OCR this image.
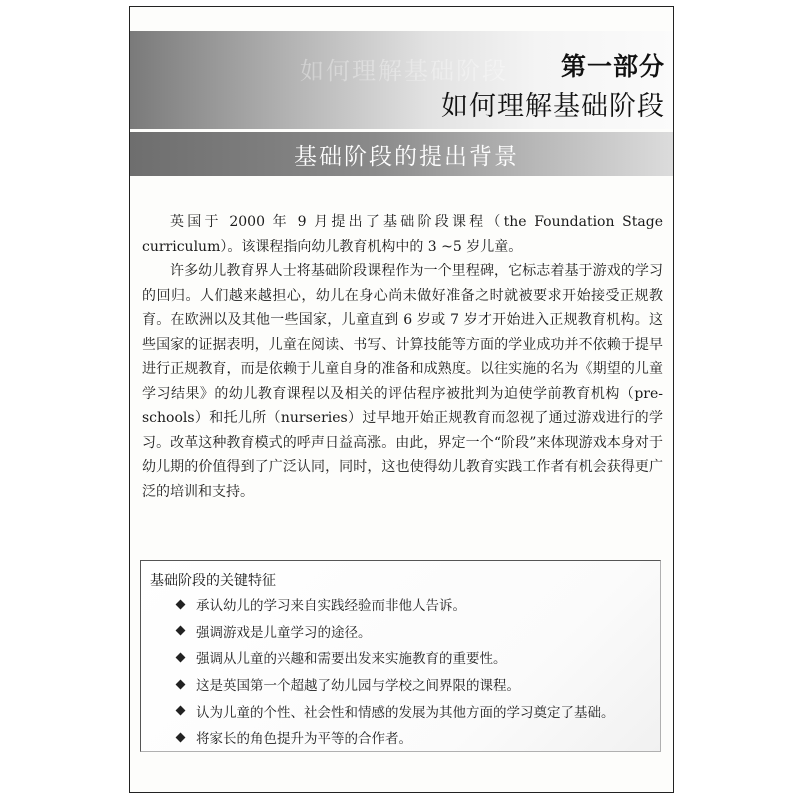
如何理解基础阶段 第一部分
如何理解基础阶段
基础阶段的提出背景

英国于 2000 年 9 月提出了基础阶段课程（the Foundation Stage curriculum）。该课程指向幼儿教育机构中的 3 ~5 岁儿童。

许多幼儿教育界人士将基础阶段课程作为一个里程碑，它标志着基于游戏的学习的回归。人们越来越担心，幼儿在身心尚未做好准备之时就被要求开始接受正规教育。在欧洲以及其他一些国家，儿童直到 6 岁或 7 岁才开始进入正规教育机构。这些国家的证据表明，儿童在阅读、书写、计算技能等方面的学业成功并不依赖于提早进行正规教育，而是依赖于儿童自身的准备和成熟度。以往实施的名为《期望的儿童学习结果》的幼儿教育课程以及相关的评估程序被批判为迫使学前教育机构（pre-schools）和托儿所（nurseries）过早地开始正规教育而忽视了通过游戏进行的学习。改革这种教育模式的呼声日益高涨。由此，界定一个“阶段”来体现游戏本身对于幼儿期的价值得到了广泛认同，同时，这也使得幼儿教育实践工作者有机会获得更广泛的培训和支持。

基础阶段的关键特征
承认幼儿的学习来自实践经验而非他人告诉。
强调游戏是儿童学习的途径。
强调从儿童的兴趣和需要出发来实施教育的重要性。
这是英国第一个超越了幼儿园与学校之间界限的课程。
认为儿童的个性、社会性和情感的发展为其他方面的学习奠定了基础。
将家长的角色提升为平等的合作者。
